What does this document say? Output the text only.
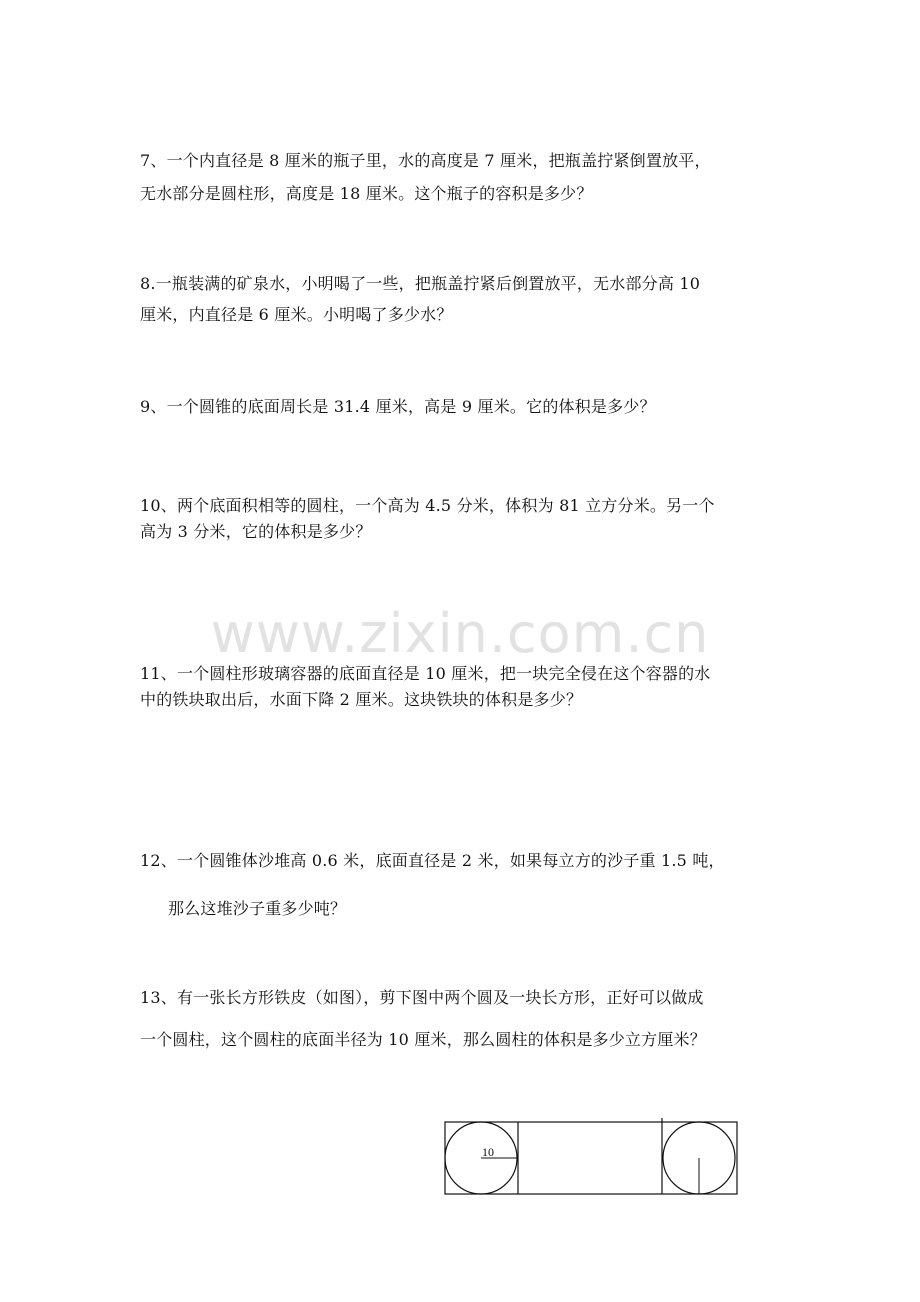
7、一个内直径是 8 厘米的瓶子里，水的高度是 7 厘米，把瓶盖拧紧倒置放平，
无水部分是圆柱形，高度是 18 厘米。这个瓶子的容积是多少？
8.一瓶装满的矿泉水，小明喝了一些，把瓶盖拧紧后倒置放平，无水部分高 10
厘米，内直径是 6 厘米。小明喝了多少水？
9、一个圆锥的底面周长是 31.4 厘米，高是 9 厘米。它的体积是多少？
10、两个底面积相等的圆柱，一个高为 4.5 分米，体积为 81 立方分米。另一个
高为 3 分米，它的体积是多少？
www.zixin.com.cn
11、一个圆柱形玻璃容器的底面直径是 10 厘米，把一块完全侵在这个容器的水
中的铁块取出后，水面下降 2 厘米。这块铁块的体积是多少？
12、一个圆锥体沙堆高 0.6 米，底面直径是 2 米，如果每立方的沙子重 1.5 吨，
那么这堆沙子重多少吨？
13、有一张长方形铁皮（如图），剪下图中两个圆及一块长方形，正好可以做成
一个圆柱，这个圆柱的底面半径为 10 厘米，那么圆柱的体积是多少立方厘米？
10
